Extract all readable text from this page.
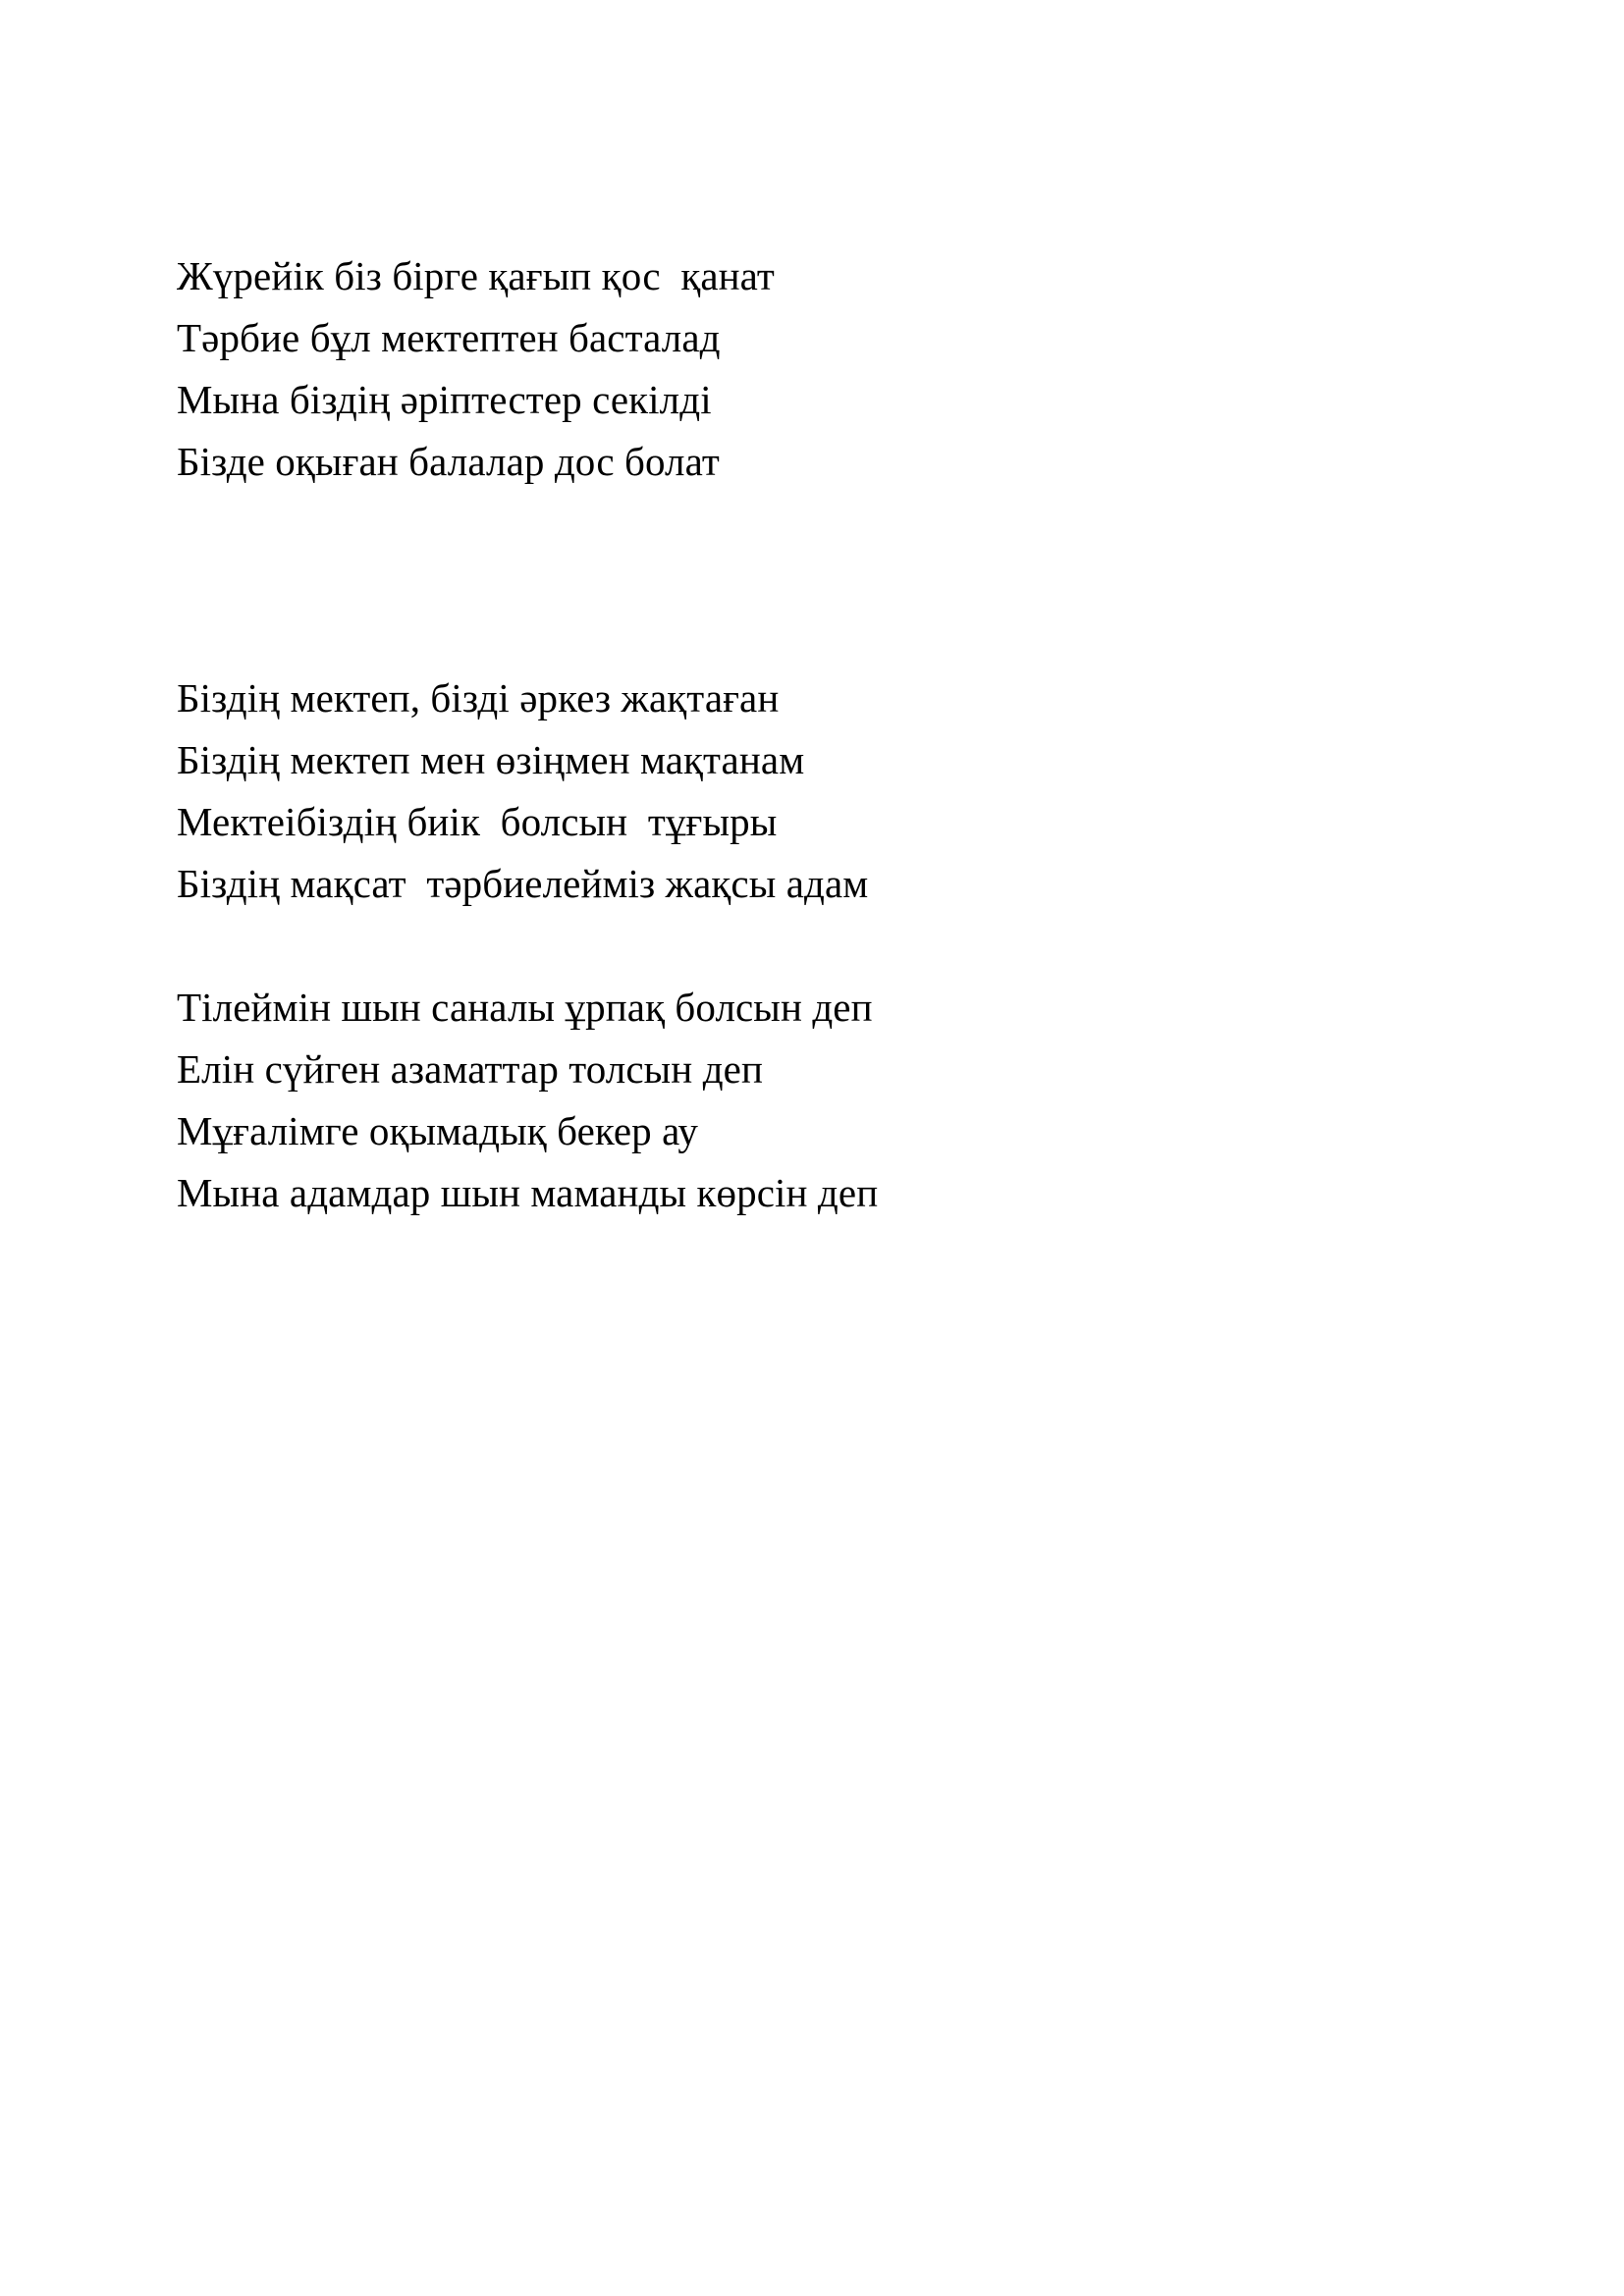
Жүрейік біз бірге қағып қос  қанат
Тәрбие бұл мектептен басталад
Мына біздің әріптестер секілді
Бізде оқыған балалар дос болат
Біздің мектеп, бізді әркез жақтаған
Біздің мектеп мен өзіңмен мақтанам
Мектеібіздің биік  болсын  тұғыры
Біздің мақсат  тәрбиелейміз жақсы адам
Тілеймін шын саналы ұрпақ болсын деп
Елін сүйген азаматтар толсын деп
Мұғалімге оқымадық бекер ау
Мына адамдар шын маманды көрсін деп
